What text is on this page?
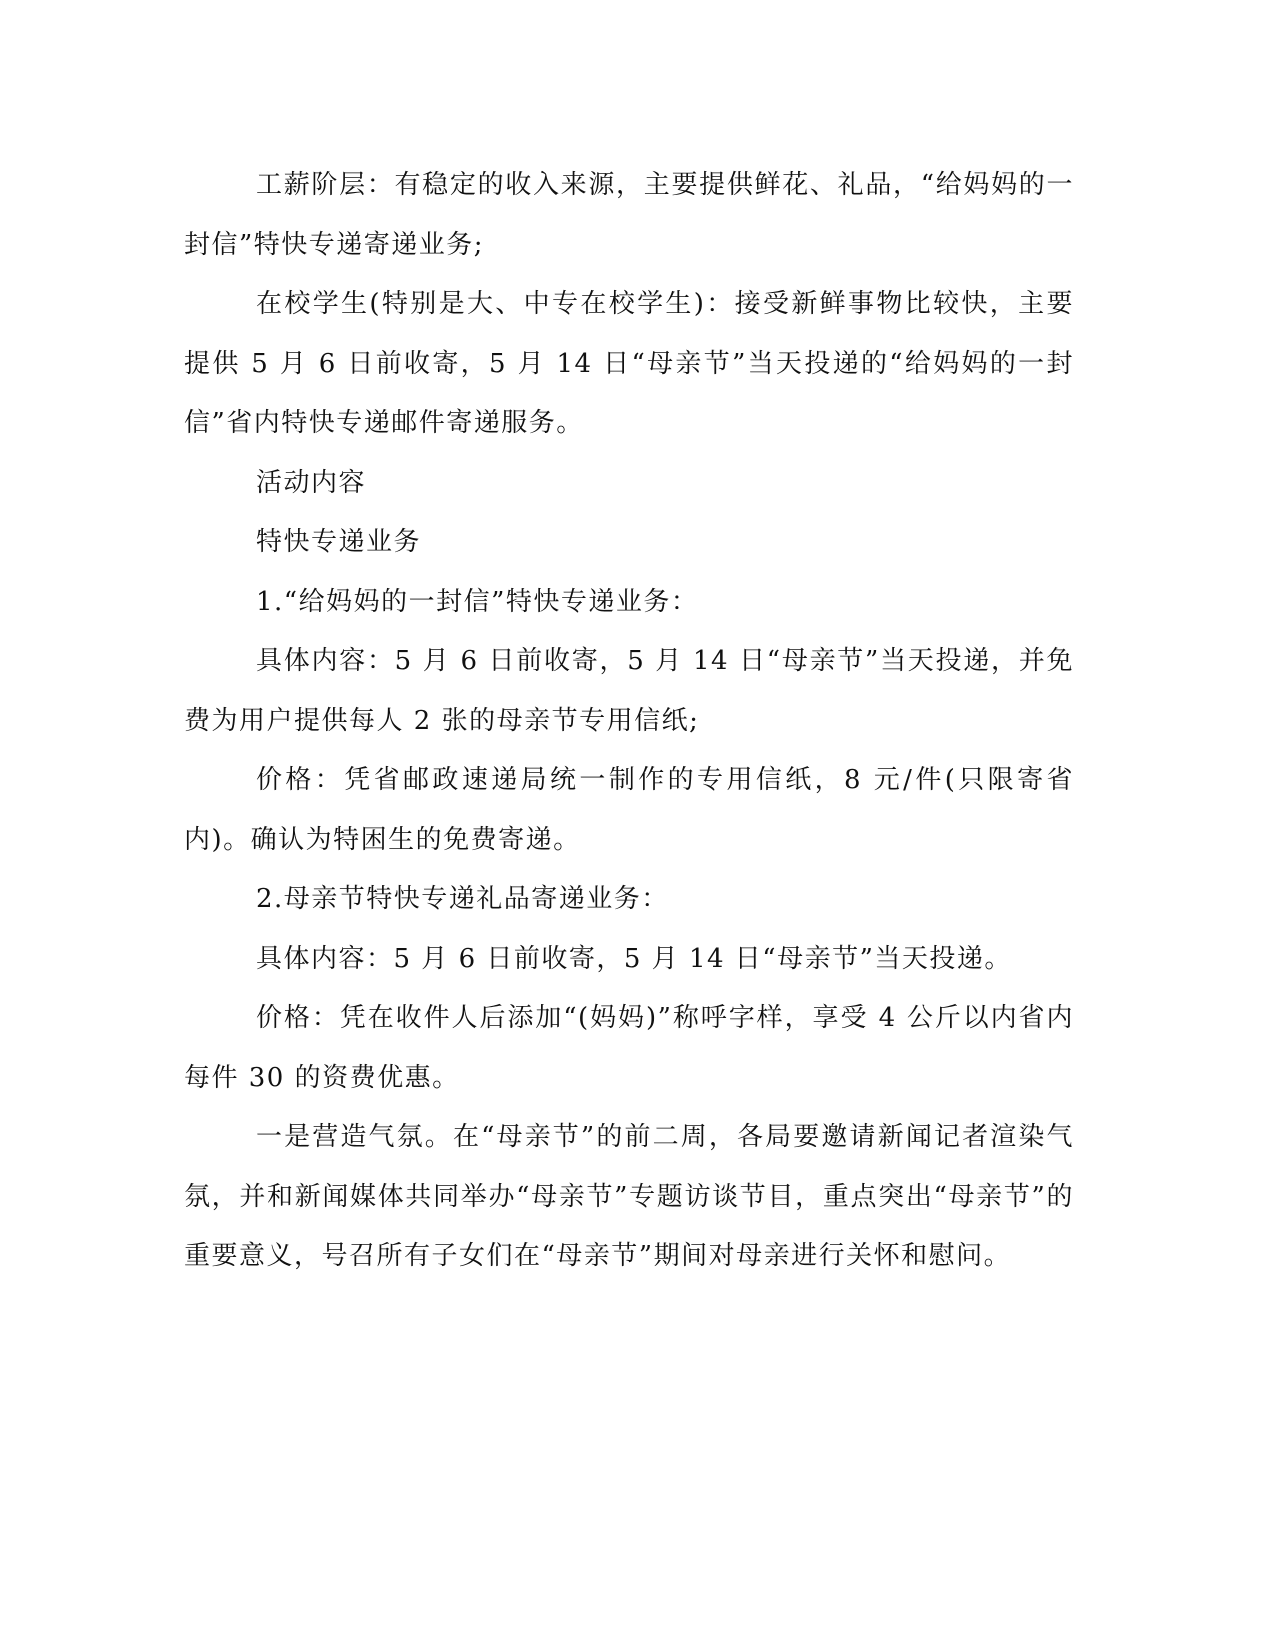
工薪阶层：有稳定的收入来源，主要提供鲜花、礼品，“给妈妈的一封信”特快专递寄递业务;

在校学生(特别是大、中专在校学生)：接受新鲜事物比较快，主要提供 5 月 6 日前收寄，5 月 14 日“母亲节”当天投递的“给妈妈的一封信”省内特快专递邮件寄递服务。

活动内容

特快专递业务

1.“给妈妈的一封信”特快专递业务：

具体内容：5 月 6 日前收寄，5 月 14 日“母亲节”当天投递，并免费为用户提供每人 2 张的母亲节专用信纸;

价格：凭省邮政速递局统一制作的专用信纸，8 元/件(只限寄省内)。确认为特困生的免费寄递。

2.母亲节特快专递礼品寄递业务：

具体内容：5 月 6 日前收寄，5 月 14 日“母亲节”当天投递。

价格：凭在收件人后添加“(妈妈)”称呼字样，享受 4 公斤以内省内每件 30 的资费优惠。

一是营造气氛。在“母亲节”的前二周，各局要邀请新闻记者渲染气氛，并和新闻媒体共同举办“母亲节”专题访谈节目，重点突出“母亲节”的重要意义，号召所有子女们在“母亲节”期间对母亲进行关怀和慰问。
